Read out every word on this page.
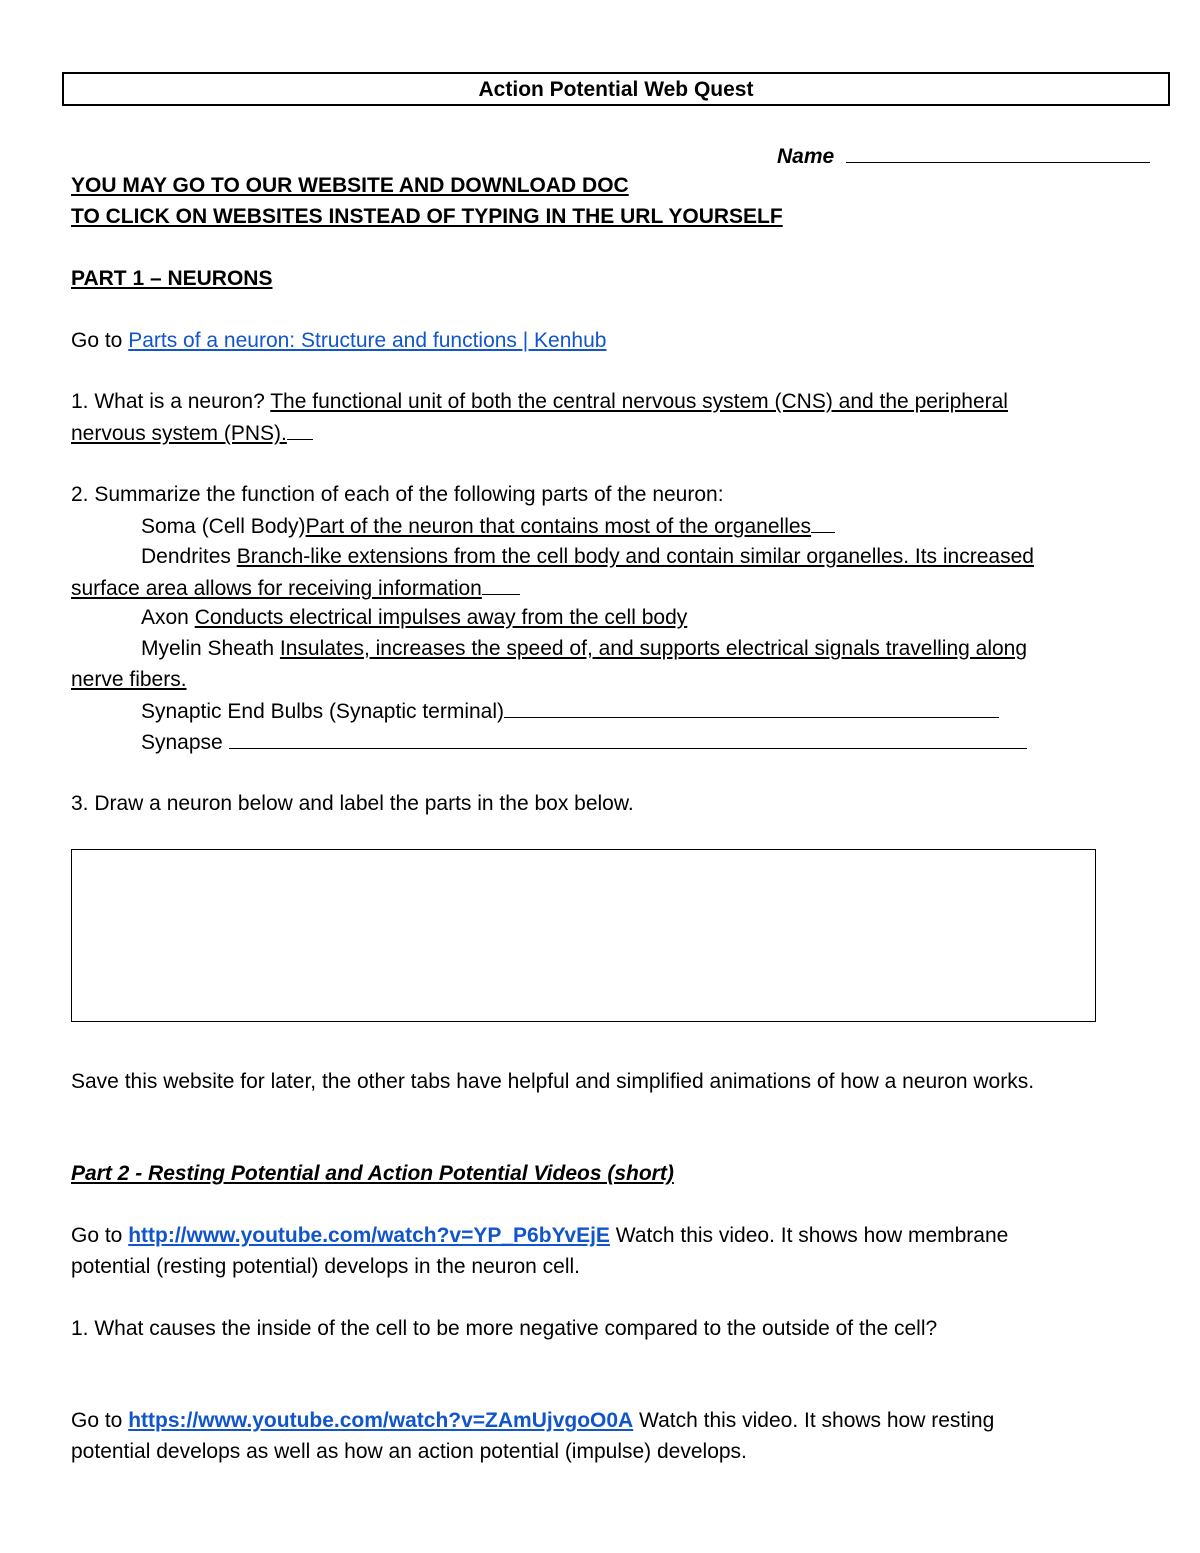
Action Potential Web Quest
Name
YOU MAY GO TO OUR WEBSITE AND DOWNLOAD DOC
TO CLICK ON WEBSITES INSTEAD OF TYPING IN THE URL YOURSELF
PART 1 – NEURONS
Go to Parts of a neuron: Structure and functions | Kenhub
1. What is a neuron? The functional unit of both the central nervous system (CNS) and the peripheral
nervous system (PNS).
2. Summarize the function of each of the following parts of the neuron:
Soma (Cell Body)Part of the neuron that contains most of the organelles
Dendrites Branch-like extensions from the cell body and contain similar organelles. Its increased
surface area allows for receiving information
Axon Conducts electrical impulses away from the cell body
Myelin Sheath Insulates, increases the speed of, and supports electrical signals travelling along
nerve fibers.
Synaptic End Bulbs (Synaptic terminal)
Synapse
3. Draw a neuron below and label the parts in the box below.
Save this website for later, the other tabs have helpful and simplified animations of how a neuron works.
Part 2 - Resting Potential and Action Potential Videos (short)
Go to http://www.youtube.com/watch?v=YP_P6bYvEjE Watch this video. It shows how membrane
potential (resting potential) develops in the neuron cell.
1. What causes the inside of the cell to be more negative compared to the outside of the cell?
Go to https://www.youtube.com/watch?v=ZAmUjvgoO0A Watch this video. It shows how resting
potential develops as well as how an action potential (impulse) develops.
